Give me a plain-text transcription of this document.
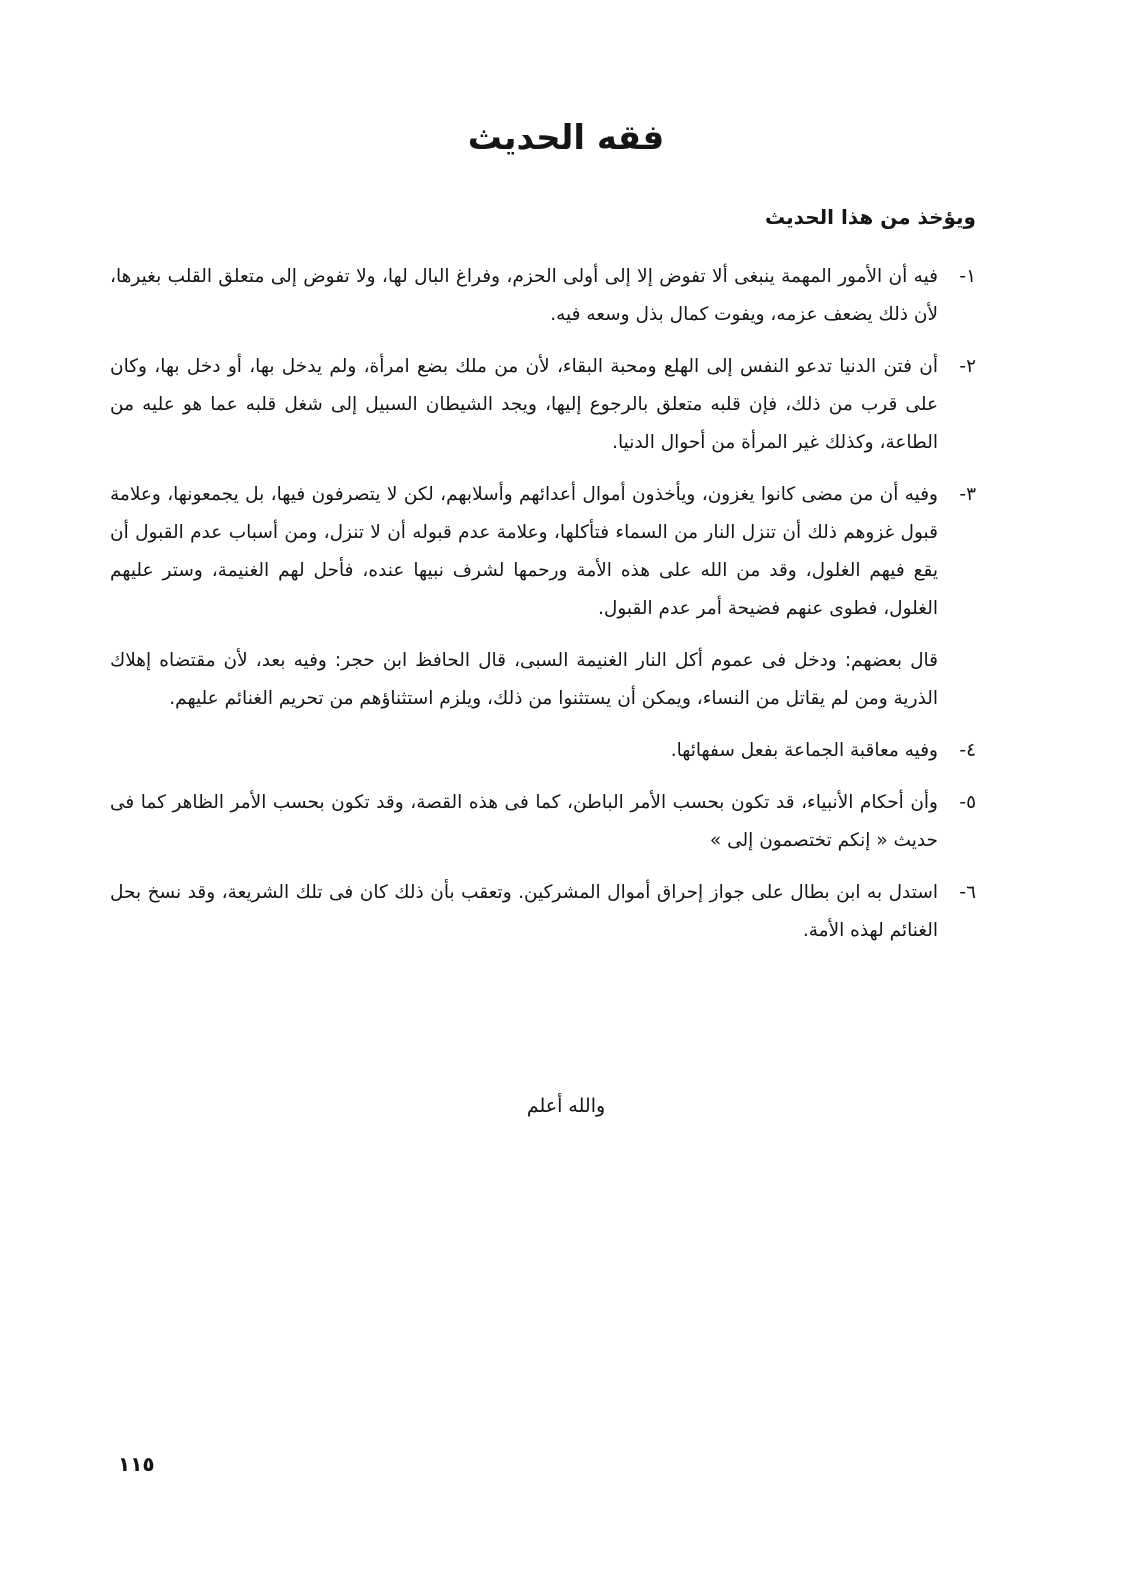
فقه الحديث

ويؤخذ من هذا الحديث

١-
فيه أن الأمور المهمة ينبغى ألا تفوض إلا إلى أولى الحزم، وفراغ البال لها، ولا تفوض إلى متعلق القلب بغيرها، لأن ذلك يضعف عزمه، ويفوت كمال بذل وسعه فيه.

٢-
أن فتن الدنيا تدعو النفس إلى الهلع ومحبة البقاء، لأن من ملك بضع امرأة، ولم يدخل بها، أو دخل بها، وكان على قرب من ذلك، فإن قلبه متعلق بالرجوع إليها، ويجد الشيطان السبيل إلى شغل قلبه عما هو عليه من الطاعة، وكذلك غير المرأة من أحوال الدنيا.

٣-
وفيه أن من مضى كانوا يغزون، ويأخذون أموال أعدائهم وأسلابهم، لكن لا يتصرفون فيها، بل يجمعونها، وعلامة قبول غزوهم ذلك أن تنزل النار من السماء فتأكلها، وعلامة عدم قبوله أن لا تنزل، ومن أسباب عدم القبول أن يقع فيهم الغلول، وقد من الله على هذه الأمة ورحمها لشرف نبيها عنده، فأحل لهم الغنيمة، وستر عليهم الغلول، فطوى عنهم فضيحة أمر عدم القبول.

قال بعضهم: ودخل فى عموم أكل النار الغنيمة السبى، قال الحافظ ابن حجر: وفيه بعد، لأن مقتضاه إهلاك الذرية ومن لم يقاتل من النساء، ويمكن أن يستثنوا من ذلك، ويلزم استثناؤهم من تحريم الغنائم عليهم.

٤-
وفيه معاقبة الجماعة بفعل سفهائها.

٥-
وأن أحكام الأنبياء، قد تكون بحسب الأمر الباطن، كما فى هذه القصة، وقد تكون بحسب الأمر الظاهر كما فى حديث « إنكم تختصمون إلى »

٦-
استدل به ابن بطال على جواز إحراق أموال المشركين. وتعقب بأن ذلك كان فى تلك الشريعة، وقد نسخ بحل الغنائم لهذه الأمة.

والله أعلم

١١٥
